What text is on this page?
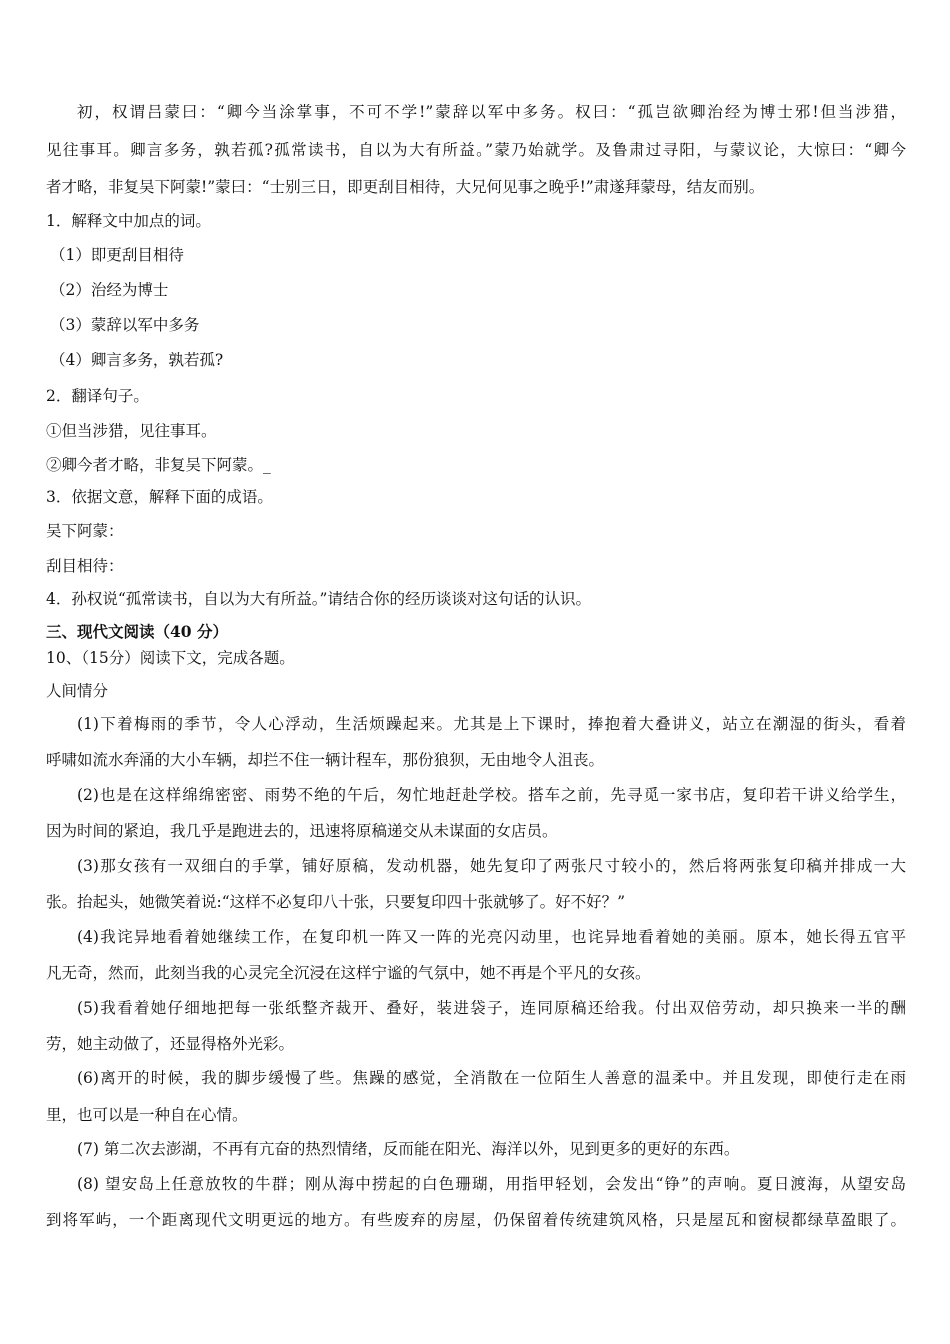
初，权谓吕蒙曰：“卿今当涂掌事，不可不学!”蒙辞以军中多务。权曰：“孤岂欲卿治经为博士邪!但当涉猎，
见往事耳。卿言多务，孰若孤?孤常读书，自以为大有所益。”蒙乃始就学。及鲁肃过寻阳，与蒙议论，大惊曰：“卿今
者才略，非复吴下阿蒙!”蒙曰：“士别三日，即更刮目相待，大兄何见事之晚乎!”肃遂拜蒙母，结友而别。
1．解释文中加点的词。
（1）即更刮目相待
（2）治经为博士
（3）蒙辞以军中多务
（4）卿言多务，孰若孤?
2．翻译句子。
①但当涉猎，见往事耳。
②卿今者才略，非复吴下阿蒙。_
3．依据文意，解释下面的成语。
吴下阿蒙：
刮目相待：
4．孙权说“孤常读书，自以为大有所益。”请结合你的经历谈谈对这句话的认识。
三、现代文阅读（40 分）
10、（15分）阅读下文，完成各题。
人间情分
(1)下着梅雨的季节，令人心浮动，生活烦躁起来。尤其是上下课时，捧抱着大叠讲义，站立在潮湿的街头，看着
呼啸如流水奔涌的大小车辆，却拦不住一辆计程车，那份狼狈，无由地令人沮丧。
(2)也是在这样绵绵密密、雨势不绝的午后，匆忙地赶赴学校。搭车之前，先寻觅一家书店，复印若干讲义给学生，
因为时间的紧迫，我几乎是跑进去的，迅速将原稿递交从未谋面的女店员。
(3)那女孩有一双细白的手掌，铺好原稿，发动机器，她先复印了两张尺寸较小的，然后将两张复印稿并排成一大
张。抬起头，她微笑着说:“这样不必复印八十张，只要复印四十张就够了。好不好？”
(4)我诧异地看着她继续工作，在复印机一阵又一阵的光亮闪动里，也诧异地看着她的美丽。原本，她长得五官平
凡无奇，然而，此刻当我的心灵完全沉浸在这样宁谧的气氛中，她不再是个平凡的女孩。
(5)我看着她仔细地把每一张纸整齐裁开、叠好，装进袋子，连同原稿还给我。付出双倍劳动，却只换来一半的酬
劳，她主动做了，还显得格外光彩。
(6)离开的时候，我的脚步缓慢了些。焦躁的感觉，全消散在一位陌生人善意的温柔中。并且发现，即使行走在雨
里，也可以是一种自在心情。
(7) 第二次去澎湖，不再有亢奋的热烈情绪，反而能在阳光、海洋以外，见到更多的更好的东西。
(8) 望安岛上任意放牧的牛群；刚从海中捞起的白色珊瑚，用指甲轻划，会发出“铮”的声响。夏日渡海，从望安岛
到将军屿，一个距离现代文明更远的地方。有些废弃的房屋，仍保留着传统建筑风格，只是屋瓦和窗棂都绿草盈眼了。
